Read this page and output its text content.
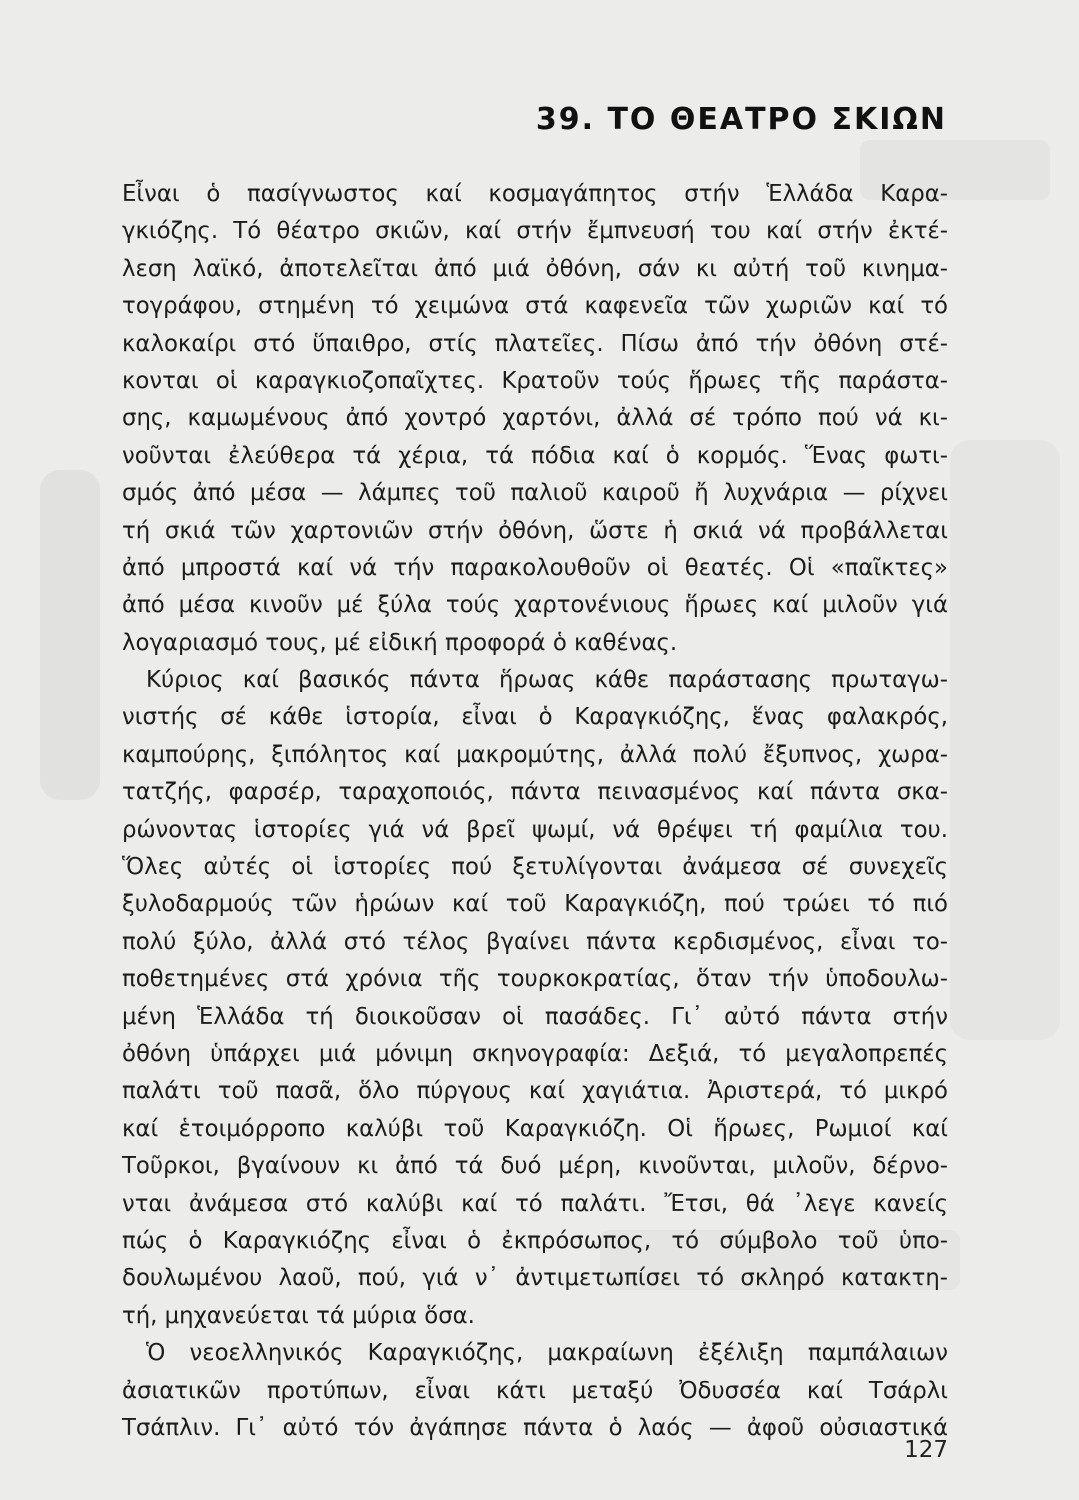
39. ΤΟ ΘΕΑΤΡΟ ΣΚΙΩΝ
Εἶναι ὁ πασίγνωστος καί κοσμαγάπητος στήν Ἑλλάδα Καρα-
γκιόζης. Τό θέατρο σκιῶν, καί στήν ἔμπνευσή του καί στήν ἐκτέ-
λεση λαϊκό, ἀποτελεῖται ἀπό μιά ὀθόνη, σάν κι αὐτή τοῦ κινημα-
τογράφου, στημένη τό χειμώνα στά καφενεῖα τῶν χωριῶν καί τό
καλοκαίρι στό ὕπαιθρο, στίς πλατεῖες. Πίσω ἀπό τήν ὀθόνη στέ-
κονται οἱ καραγκιοζοπαῖχτες. Κρατοῦν τούς ἥρωες τῆς παράστα-
σης, καμωμένους ἀπό χοντρό χαρτόνι, ἀλλά σέ τρόπο πού νά κι-
νοῦνται ἐλεύθερα τά χέρια, τά πόδια καί ὁ κορμός. Ἕνας φωτι-
σμός ἀπό μέσα — λάμπες τοῦ παλιοῦ καιροῦ ἤ λυχνάρια — ρίχνει
τή σκιά τῶν χαρτονιῶν στήν ὀθόνη, ὥστε ἡ σκιά νά προβάλλεται
ἀπό μπροστά καί νά τήν παρακολουθοῦν οἱ θεατές. Οἱ «παῖκτες»
ἀπό μέσα κινοῦν μέ ξύλα τούς χαρτονένιους ἥρωες καί μιλοῦν γιά
λογαριασμό τους, μέ εἰδική προφορά ὁ καθένας.
Κύριος καί βασικός πάντα ἥρωας κάθε παράστασης πρωταγω-
νιστής σέ κάθε ἱστορία, εἶναι ὁ Καραγκιόζης, ἕνας φαλακρός,
καμπούρης, ξιπόλητος καί μακρομύτης, ἀλλά πολύ ἔξυπνος, χωρα-
τατζής, φαρσέρ, ταραχοποιός, πάντα πεινασμένος καί πάντα σκα-
ρώνοντας ἱστορίες γιά νά βρεῖ ψωμί, νά θρέψει τή φαμίλια του.
Ὅλες αὐτές οἱ ἱστορίες πού ξετυλίγονται ἀνάμεσα σέ συνεχεῖς
ξυλοδαρμούς τῶν ἡρώων καί τοῦ Καραγκιόζη, πού τρώει τό πιό
πολύ ξύλο, ἀλλά στό τέλος βγαίνει πάντα κερδισμένος, εἶναι το-
ποθετημένες στά χρόνια τῆς τουρκοκρατίας, ὅταν τήν ὑποδουλω-
μένη Ἑλλάδα τή διοικοῦσαν οἱ πασάδες. Γι᾽ αὐτό πάντα στήν
ὀθόνη ὑπάρχει μιά μόνιμη σκηνογραφία: Δεξιά, τό μεγαλοπρεπές
παλάτι τοῦ πασᾶ, ὅλο πύργους καί χαγιάτια. Ἀριστερά, τό μικρό
καί ἑτοιμόρροπο καλύβι τοῦ Καραγκιόζη. Οἱ ἥρωες, Ρωμιοί καί
Τοῦρκοι, βγαίνουν κι ἀπό τά δυό μέρη, κινοῦνται, μιλοῦν, δέρνο-
νται ἀνάμεσα στό καλύβι καί τό παλάτι. Ἔτσι, θά ᾽λεγε κανείς
πώς ὁ Καραγκιόζης εἶναι ὁ ἐκπρόσωπος, τό σύμβολο τοῦ ὑπο-
δουλωμένου λαοῦ, πού, γιά ν᾽ ἀντιμετωπίσει τό σκληρό κατακτη-
τή, μηχανεύεται τά μύρια ὅσα.
Ὁ νεοελληνικός Καραγκιόζης, μακραίωνη ἐξέλιξη παμπάλαιων
ἀσιατικῶν προτύπων, εἶναι κάτι μεταξύ Ὀδυσσέα καί Τσάρλι
Τσάπλιν. Γι᾽ αὐτό τόν ἀγάπησε πάντα ὁ λαός — ἀφοῦ οὐσιαστικά
127
